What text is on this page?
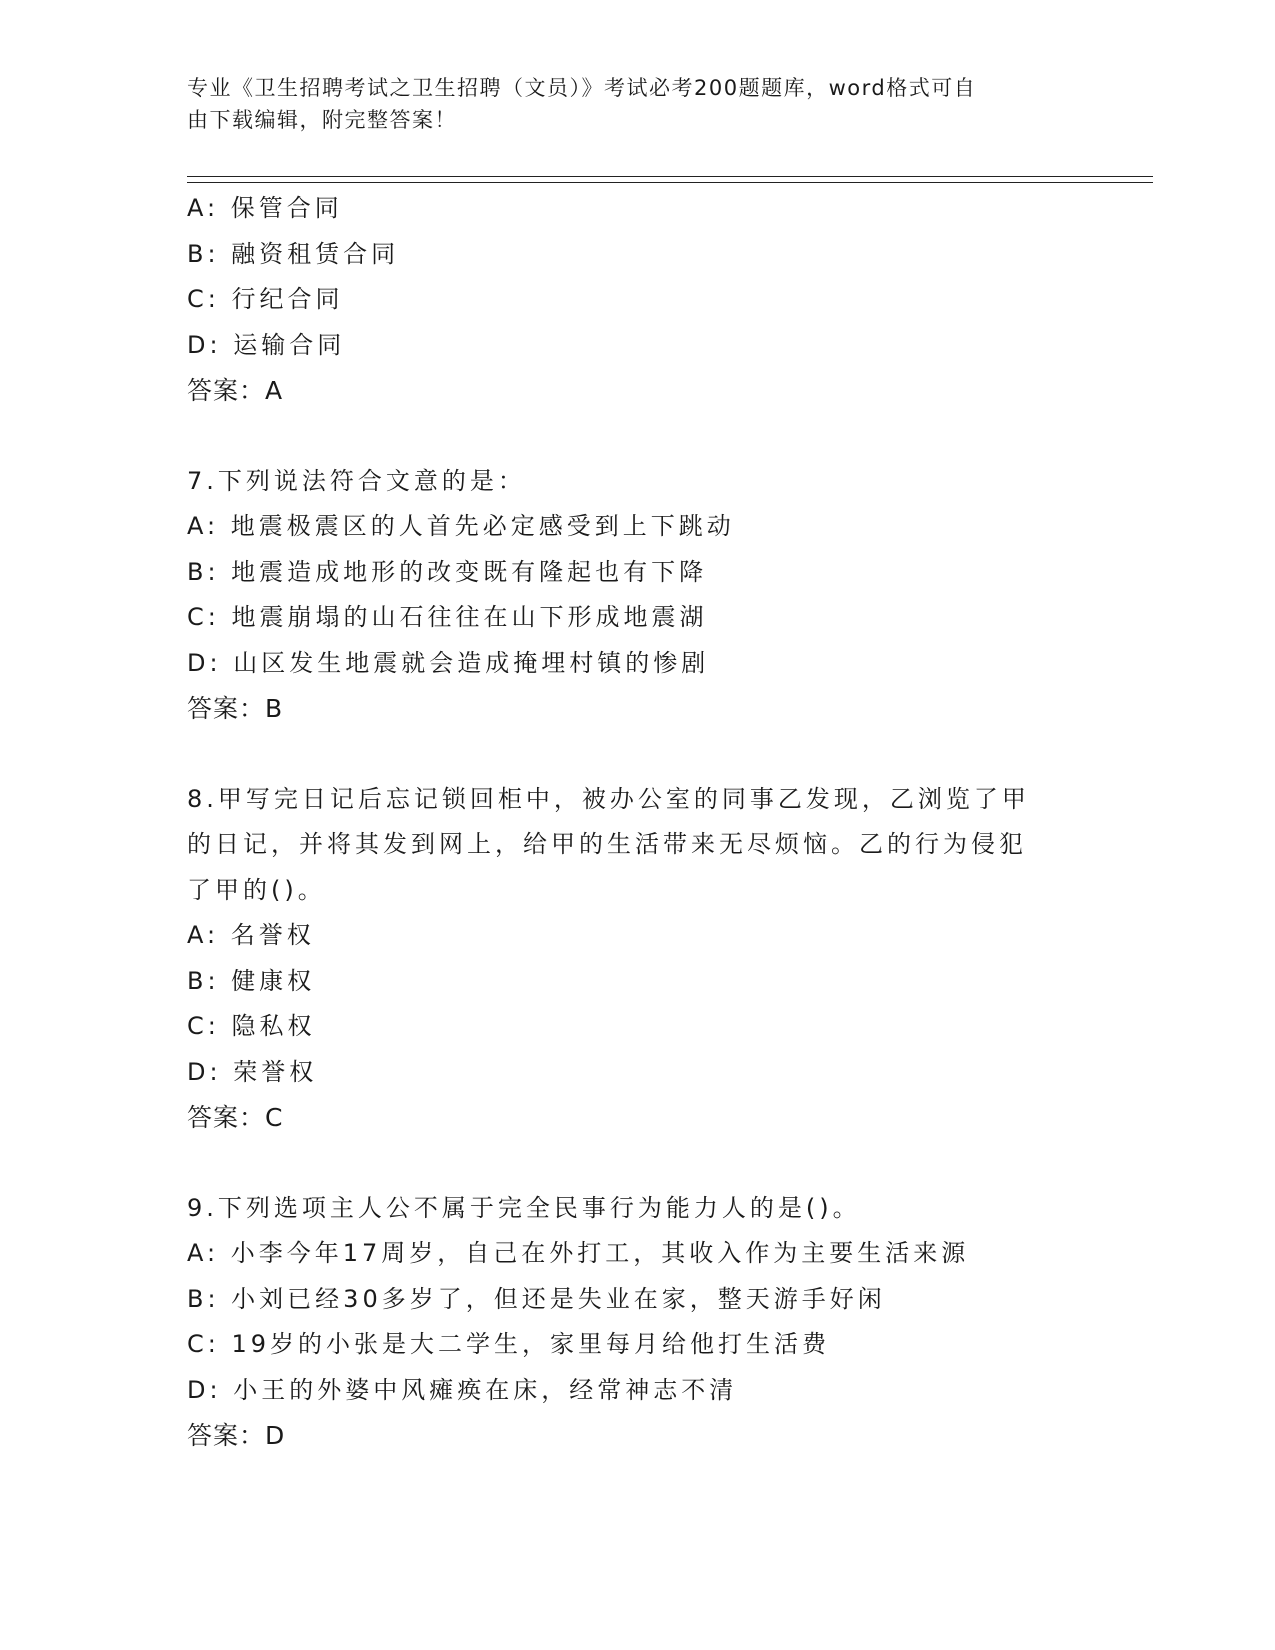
专业《卫生招聘考试之卫生招聘（文员）》考试必考200题题库，word格式可自
由下载编辑，附完整答案！
A: 保管合同
B: 融资租赁合同
C: 行纪合同
D: 运输合同
答案：A
7.下列说法符合文意的是：
A: 地震极震区的人首先必定感受到上下跳动
B: 地震造成地形的改变既有隆起也有下降
C: 地震崩塌的山石往往在山下形成地震湖
D: 山区发生地震就会造成掩埋村镇的惨剧
答案：B
8.甲写完日记后忘记锁回柜中，被办公室的同事乙发现，乙浏览了甲
的日记，并将其发到网上，给甲的生活带来无尽烦恼。乙的行为侵犯
了甲的()。
A: 名誉权
B: 健康权
C: 隐私权
D: 荣誉权
答案：C
9.下列选项主人公不属于完全民事行为能力人的是()。
A: 小李今年17周岁，自己在外打工，其收入作为主要生活来源
B: 小刘已经30多岁了，但还是失业在家，整天游手好闲
C: 19岁的小张是大二学生，家里每月给他打生活费
D: 小王的外婆中风瘫痪在床，经常神志不清
答案：D
